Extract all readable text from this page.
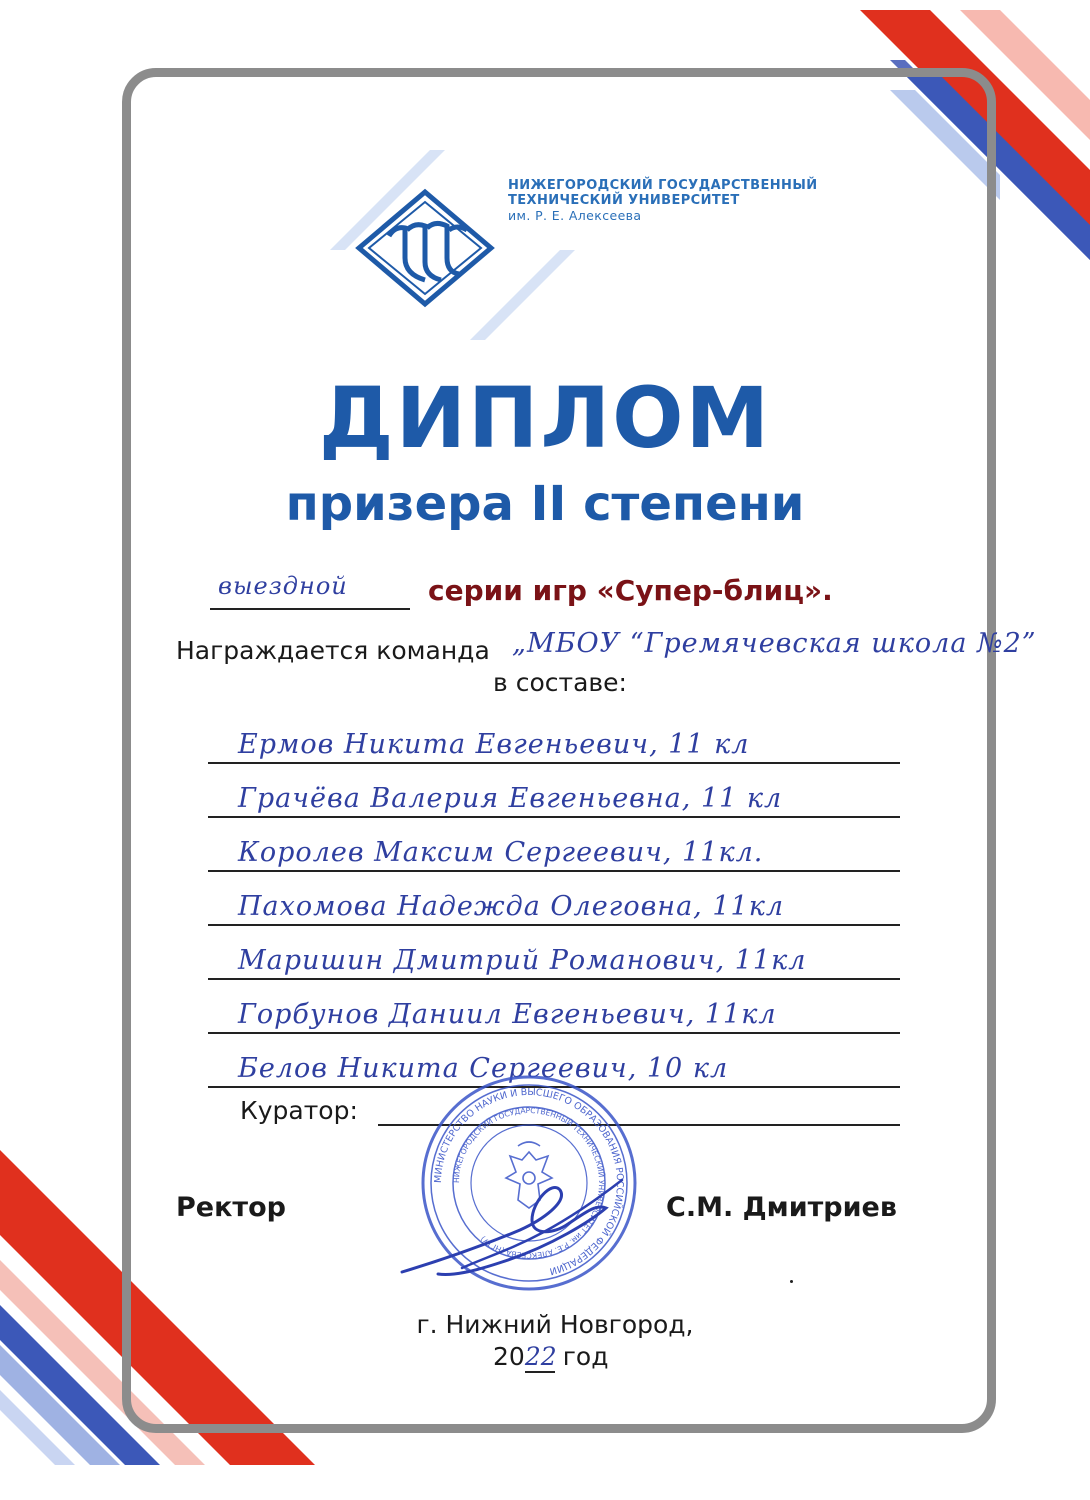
НИЖЕГОРОДСКИЙ ГОСУДАРСТВЕННЫЙ
ТЕХНИЧЕСКИЙ УНИВЕРСИТЕТ
им. Р. Е. Алексеева
ДИПЛОМ
призера II степени
выездной	серии игр «Супер-блиц».
Награждается команда „МБОУ “Гремячевская школа №2”
в составе:
Ермов Никита Евгеньевич, 11 кл
Грачёва Валерия Евгеньевна, 11 кл
Королев Максим Сергеевич, 11кл.
Пахомова Надежда Олеговна, 11кл
Маришин Дмитрий Романович, 11кл
Горбунов Даниил Евгеньевич, 11кл
Белов Никита Сергеевич, 10 кл
Куратор:
МИНИСТЕРСТВО НАУКИ И ВЫСШЕГО ОБРАЗОВАНИЯ РОССИЙСКОЙ ФЕДЕРАЦИИ
НИЖЕГОРОДСКИЙ ГОСУДАРСТВЕННЫЙ ТЕХНИЧЕСКИЙ УНИВЕРСИТЕТ им. Р.Е. АЛЕКСЕЕВА (НГТУ)
Ректор	С.М. Дмитриев
г. Нижний Новгород,
2022 год
